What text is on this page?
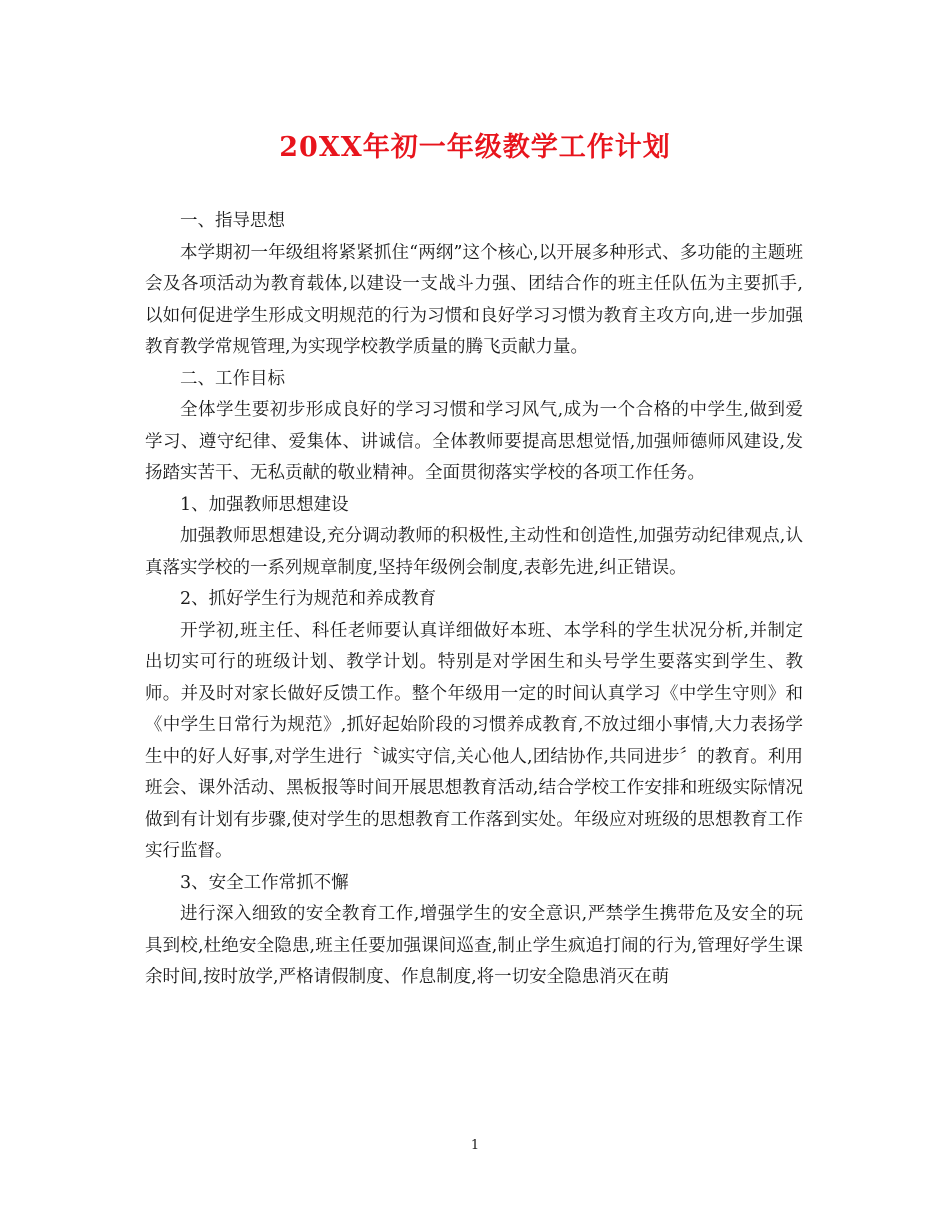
20XX年初一年级教学工作计划

一、指导思想

本学期初一年级组将紧紧抓住“两纲”这个核心,以开展多种形式、多功能的主题班会及各项活动为教育载体,以建设一支战斗力强、团结合作的班主任队伍为主要抓手,以如何促进学生形成文明规范的行为习惯和良好学习习惯为教育主攻方向,进一步加强教育教学常规管理,为实现学校教学质量的腾飞贡献力量。

二、工作目标

全体学生要初步形成良好的学习习惯和学习风气,成为一个合格的中学生,做到爱学习、遵守纪律、爱集体、讲诚信。全体教师要提高思想觉悟,加强师德师风建设,发扬踏实苦干、无私贡献的敬业精神。全面贯彻落实学校的各项工作任务。

1、加强教师思想建设

加强教师思想建设,充分调动教师的积极性,主动性和创造性,加强劳动纪律观点,认真落实学校的一系列规章制度,坚持年级例会制度,表彰先进,纠正错误。

2、抓好学生行为规范和养成教育

开学初,班主任、科任老师要认真详细做好本班、本学科的学生状况分析,并制定出切实可行的班级计划、教学计划。特别是对学困生和头号学生要落实到学生、教师。并及时对家长做好反馈工作。整个年级用一定的时间认真学习《中学生守则》和《中学生日常行为规范》,抓好起始阶段的习惯养成教育,不放过细小事情,大力表扬学生中的好人好事,对学生进行〝诚实守信,关心他人,团结协作,共同进步〞的教育。利用班会、课外活动、黑板报等时间开展思想教育活动,结合学校工作安排和班级实际情况做到有计划有步骤,使对学生的思想教育工作落到实处。年级应对班级的思想教育工作实行监督。

3、安全工作常抓不懈

进行深入细致的安全教育工作,增强学生的安全意识,严禁学生携带危及安全的玩具到校,杜绝安全隐患,班主任要加强课间巡查,制止学生疯追打闹的行为,管理好学生课余时间,按时放学,严格请假制度、作息制度,将一切安全隐患消灭在萌

1
